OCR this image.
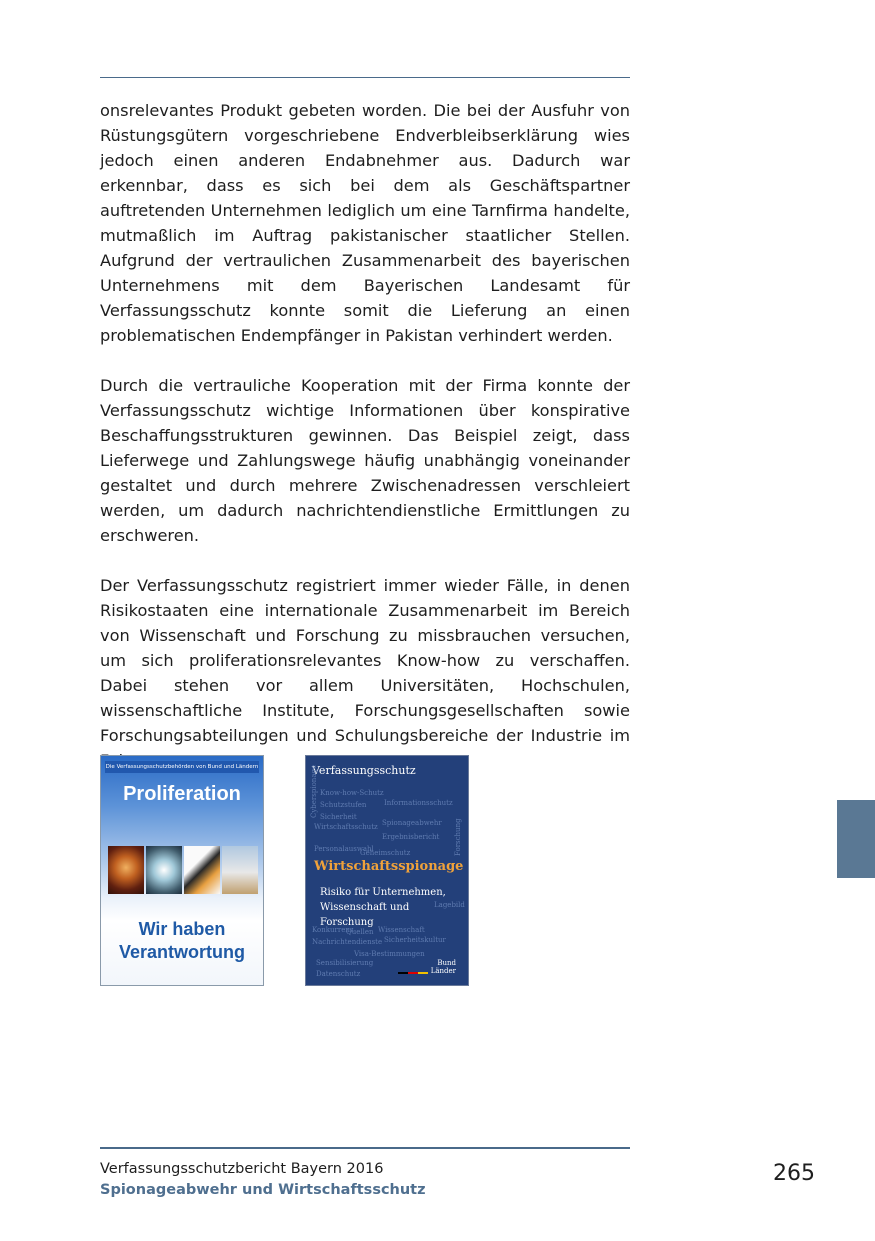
onsrelevantes Produkt gebeten worden. Die bei der Ausfuhr von Rüstungsgütern vorgeschriebene Endverbleibserklärung wies jedoch einen anderen Endabnehmer aus. Dadurch war erkennbar, dass es sich bei dem als Geschäftspartner auftretenden Unternehmen lediglich um eine Tarnfirma handelte, mutmaßlich im Auftrag pakistanischer staatlicher Stellen. Aufgrund der vertraulichen Zusammenarbeit des bayerischen Unternehmens mit dem Bayerischen Landesamt für Verfassungsschutz konnte somit die Lieferung an einen problematischen Endempfänger in Pakistan verhindert werden.

Durch die vertrauliche Kooperation mit der Firma konnte der Verfassungsschutz wichtige Informationen über konspirative Beschaffungsstrukturen gewinnen. Das Beispiel zeigt, dass Lieferwege und Zahlungswege häufig unabhängig voneinander gestaltet und durch mehrere Zwischenadressen verschleiert werden, um dadurch nachrichtendienstliche Ermittlungen zu erschweren.

Der Verfassungsschutz registriert immer wieder Fälle, in denen Risikostaaten eine internationale Zusammenarbeit im Bereich von Wissenschaft und Forschung zu missbrauchen versuchen, um sich proliferationsrelevantes Know-how zu verschaffen. Dabei stehen vor allem Universitäten, Hochschulen, wissenschaftliche Institute, Forschungsgesellschaften sowie Forschungsabteilungen und Schulungsbereiche der Industrie im

Die Verfassungsschutzbehörden von Bund und Ländern
Proliferation
Wir haben
Verantwortung
Verfassungsschutz
Know-how-Schutz
Informationsschutz
Schutzstufen
Sicherheit
Wirtschaftsschutz Spionageabwehr
Ergebnisbericht
Personalauswahl
Geheimschutz
Lagebild
Wissenschaft
Konkurrenz
Sicherheitskultur
Nachrichtendienste
Quellen
Cyberspionage
Visa-Bestimmungen
Sensibilisierung
Datenschutz
Forschung
Wirtschaftsspionage
Risiko für Unternehmen,
Wissenschaft und
Forschung
Bund
Länder
Verfassungsschutzbericht Bayern 2016
Spionageabwehr und Wirtschaftsschutz
265
